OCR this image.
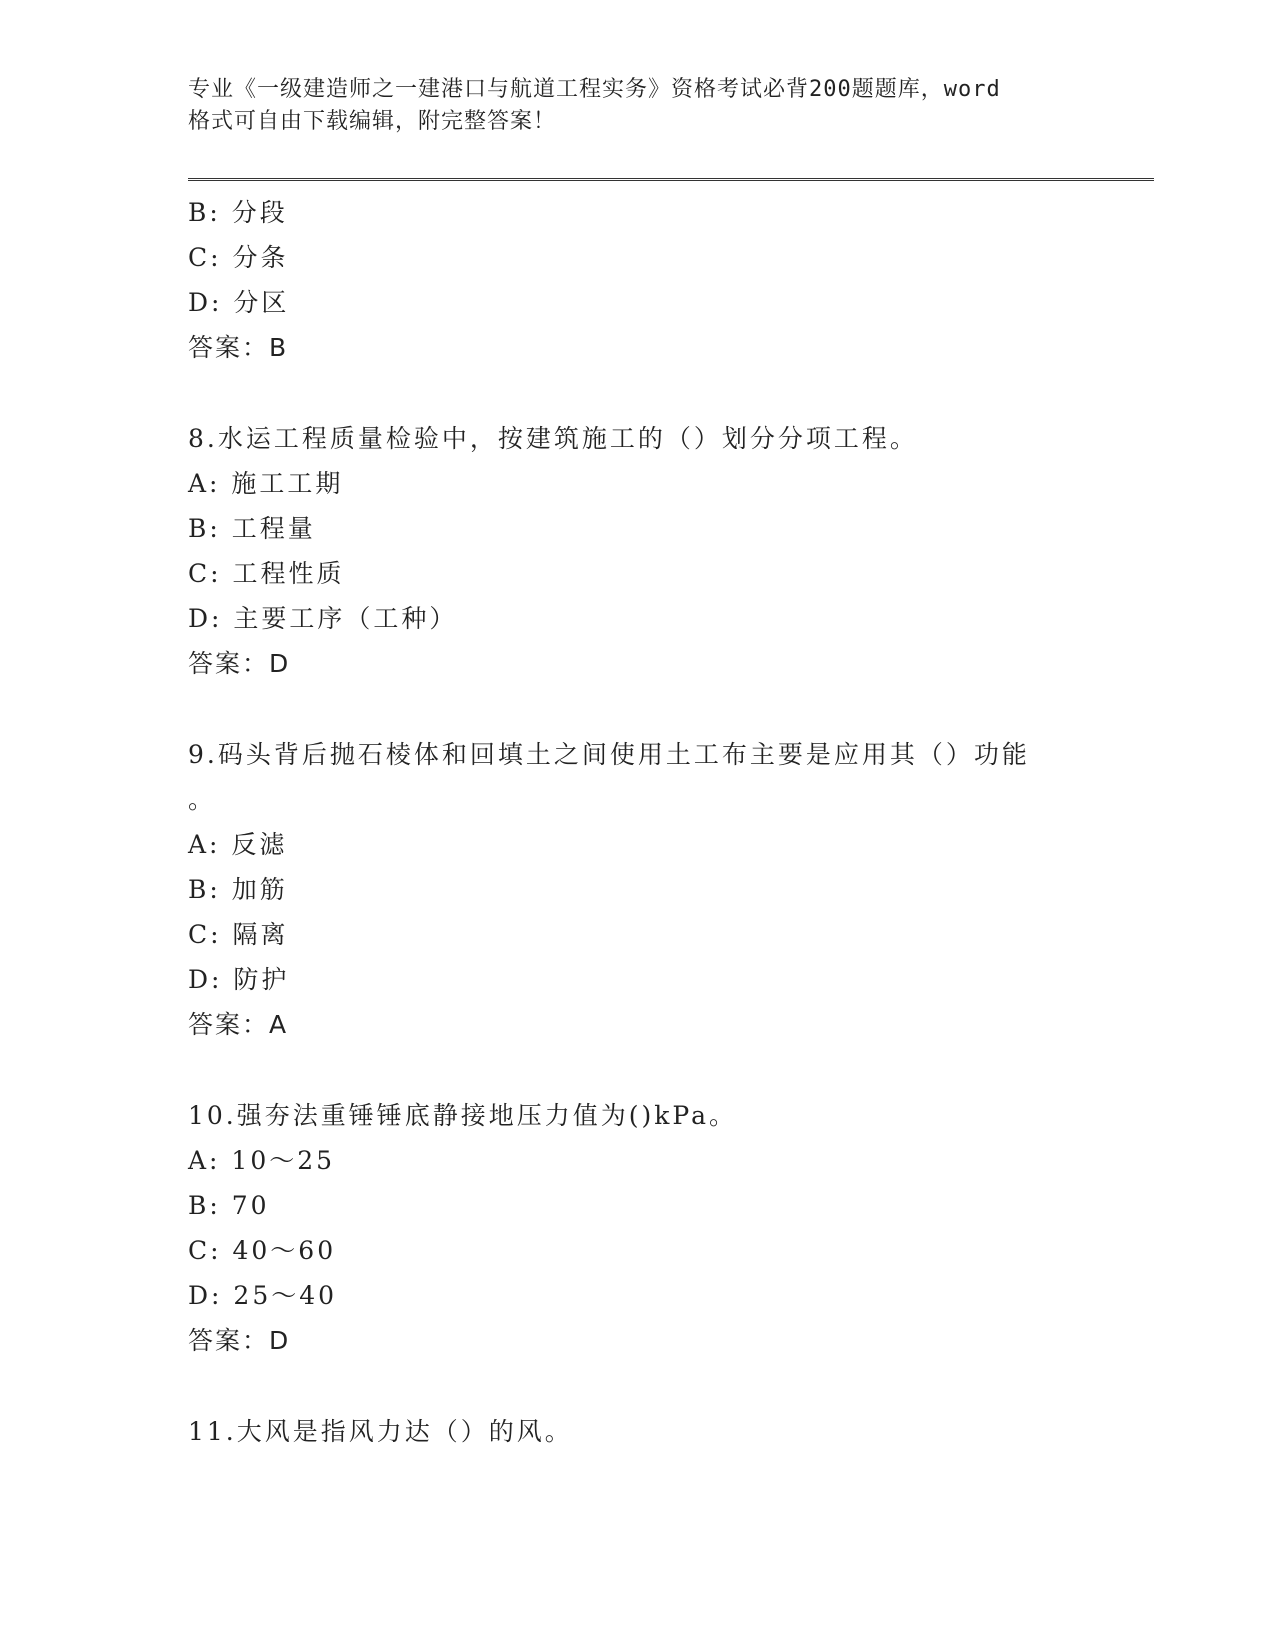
专业《一级建造师之一建港口与航道工程实务》资格考试必背200题题库，word
格式可自由下载编辑，附完整答案！
B: 分段
C: 分条
D: 分区
答案：B
8.水运工程质量检验中，按建筑施工的（）划分分项工程。
A: 施工工期
B: 工程量
C: 工程性质
D: 主要工序（工种）
答案：D
9.码头背后抛石棱体和回填土之间使用土工布主要是应用其（）功能
。
A: 反滤
B: 加筋
C: 隔离
D: 防护
答案：A
10.强夯法重锤锤底静接地压力值为()kPa。
A: 10～25
B: 70
C: 40～60
D: 25～40
答案：D
11.大风是指风力达（）的风。
